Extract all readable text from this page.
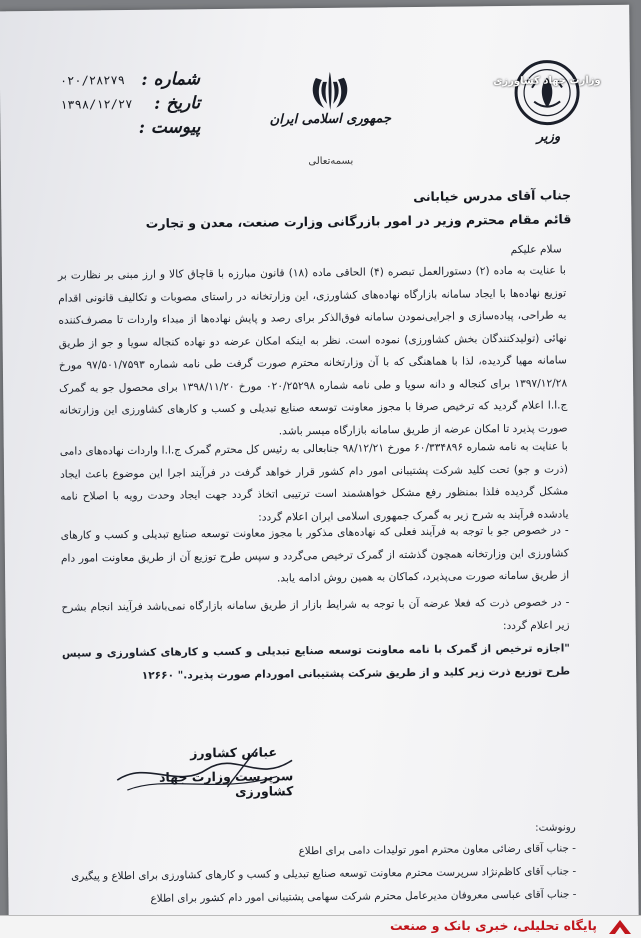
وزارت جهاد کشاورزی
وزیر
جمهوری اسلامی ایران
شماره :
۰۲۰/۲۸۲۷۹
تاریخ :
۱۳۹۸/۱۲/۲۷
پیوست :
بسمه‌تعالی
جناب آقای مدرس خیابانی
قائم مقام محترم وزیر در امور بازرگانی وزارت صنعت، معدن و تجارت
سلام علیکم
با عنایت به ماده (۲) دستورالعمل تبصره (۴) الحاقی ماده (۱۸) قانون مبارزه با قاچاق کالا و ارز مبنی بر نظارت بر توزیع نهاده‌ها با ایجاد سامانه بازارگاه نهاده‌های کشاورزی، این وزارتخانه در راستای مصوبات و تکالیف قانونی اقدام به طراحی، پیاده‌سازی و اجرایی‌نمودن سامانه فوق‌الذکر برای رصد و پایش نهاده‌ها از مبداء واردات تا مصرف‌کننده نهائی (تولیدکنندگان بخش کشاورزی) نموده است. نظر به اینکه امکان عرضه دو نهاده کنجاله سویا و جو از طریق سامانه مهیا گردیده، لذا با هماهنگی که با آن وزارتخانه محترم صورت گرفت طی نامه شماره ۹۷/۵۰۱/۷۵۹۳ مورخ ۱۳۹۷/۱۲/۲۸ برای کنجاله و دانه سویا و طی نامه شماره ۰۲۰/۲۵۲۹۸ مورخ ۱۳۹۸/۱۱/۲۰ برای محصول جو به گمرک ج.ا.ا اعلام گردید که ترخیص صرفا با مجوز معاونت توسعه صنایع تبدیلی و کسب و کارهای کشاورزی این وزارتخانه صورت پذیرد تا امکان عرضه از طریق سامانه بازارگاه میسر باشد.
با عنایت به نامه شماره ۶۰/۳۳۴۸۹۶ مورخ ۹۸/۱۲/۲۱ جنابعالی به رئیس کل محترم گمرک ج.ا.ا واردات نهاده‌های دامی (ذرت و جو) تحت کلید شرکت پشتیبانی امور دام کشور قرار خواهد گرفت در فرآیند اجرا این موضوع باعث ایجاد مشکل گردیده فلذا بمنظور رفع مشکل خواهشمند است ترتیبی اتخاذ گردد جهت ایجاد وحدت رویه با اصلاح نامه یادشده فرآیند به شرح زیر به گمرک جمهوری اسلامی ایران اعلام گردد:
- در خصوص جو با توجه به فرآیند فعلی که نهاده‌های مذکور با مجوز معاونت توسعه صنایع تبدیلی و کسب و کارهای کشاورزی این وزارتخانه همچون گذشته از گمرک ترخیص می‌گردد و سپس طرح توزیع آن از طریق معاونت امور دام از طریق سامانه صورت می‌پذیرد، کماکان به همین روش ادامه یابد.
- در خصوص ذرت که فعلا عرضه آن با توجه به شرایط بازار از طریق سامانه بازارگاه نمی‌باشد فرآیند انجام بشرح زیر اعلام گردد:
"اجازه ترخیص از گمرک با نامه معاونت توسعه صنایع تبدیلی و کسب و کارهای کشاورزی و سپس طرح توزیع ذرت زیر کلید و از طریق شرکت پشتیبانی اموردام صورت پذیرد." ۱۲۶۶۰
عباس کشاورز
سرپرست وزارت جهاد کشاورزی
رونوشت:
- جناب آقای رضائی معاون محترم امور تولیدات دامی برای اطلاع
- جناب آقای کاظم‌نژاد سرپرست محترم معاونت توسعه صنایع تبدیلی و کسب و کارهای کشاورزی برای اطلاع و پیگیری
- جناب آقای عباسی معروفان مدیرعامل محترم شرکت سهامی پشتیبانی امور دام کشور برای اطلاع
پایگاه تحلیلی، خبری بانک و صنعت
